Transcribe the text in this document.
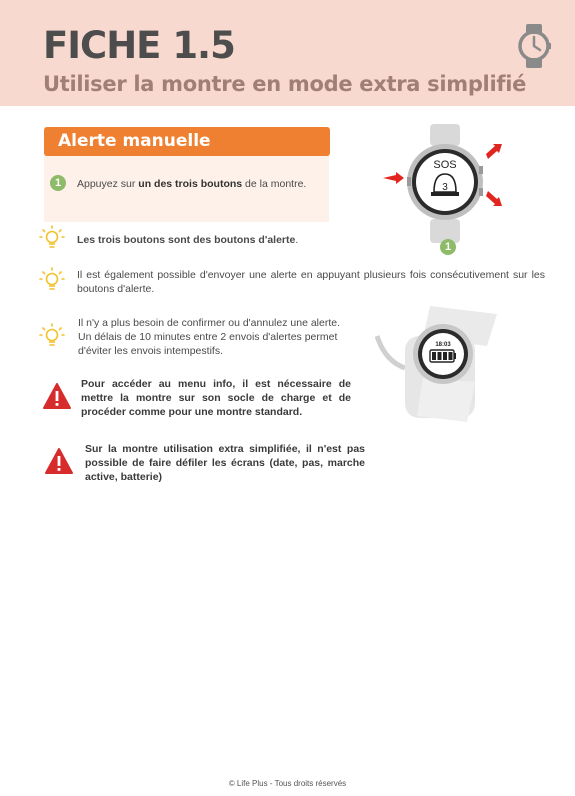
FICHE 1.5
Utiliser la montre en mode extra simplifié
Alerte manuelle
1	Appuyez sur un des trois boutons de la montre.
SOS
3
1
Les trois boutons sont des boutons d'alerte.
Il est également possible d'envoyer une alerte en appuyant plusieurs fois consécutivement sur les boutons d'alerte.
Il n'y a plus besoin de confirmer ou d'annulez une alerte. Un délais de 10 minutes entre 2 envois d'alertes permet d'éviter les envois intempestifs.	18:03
Pour accéder au menu info, il est nécessaire de mettre la montre sur son socle de charge et de procéder comme pour une montre standard.
Sur la montre utilisation extra simplifiée, il n'est pas possible de faire défiler les écrans (date, pas, marche active, batterie)
© Life Plus - Tous droits réservés
